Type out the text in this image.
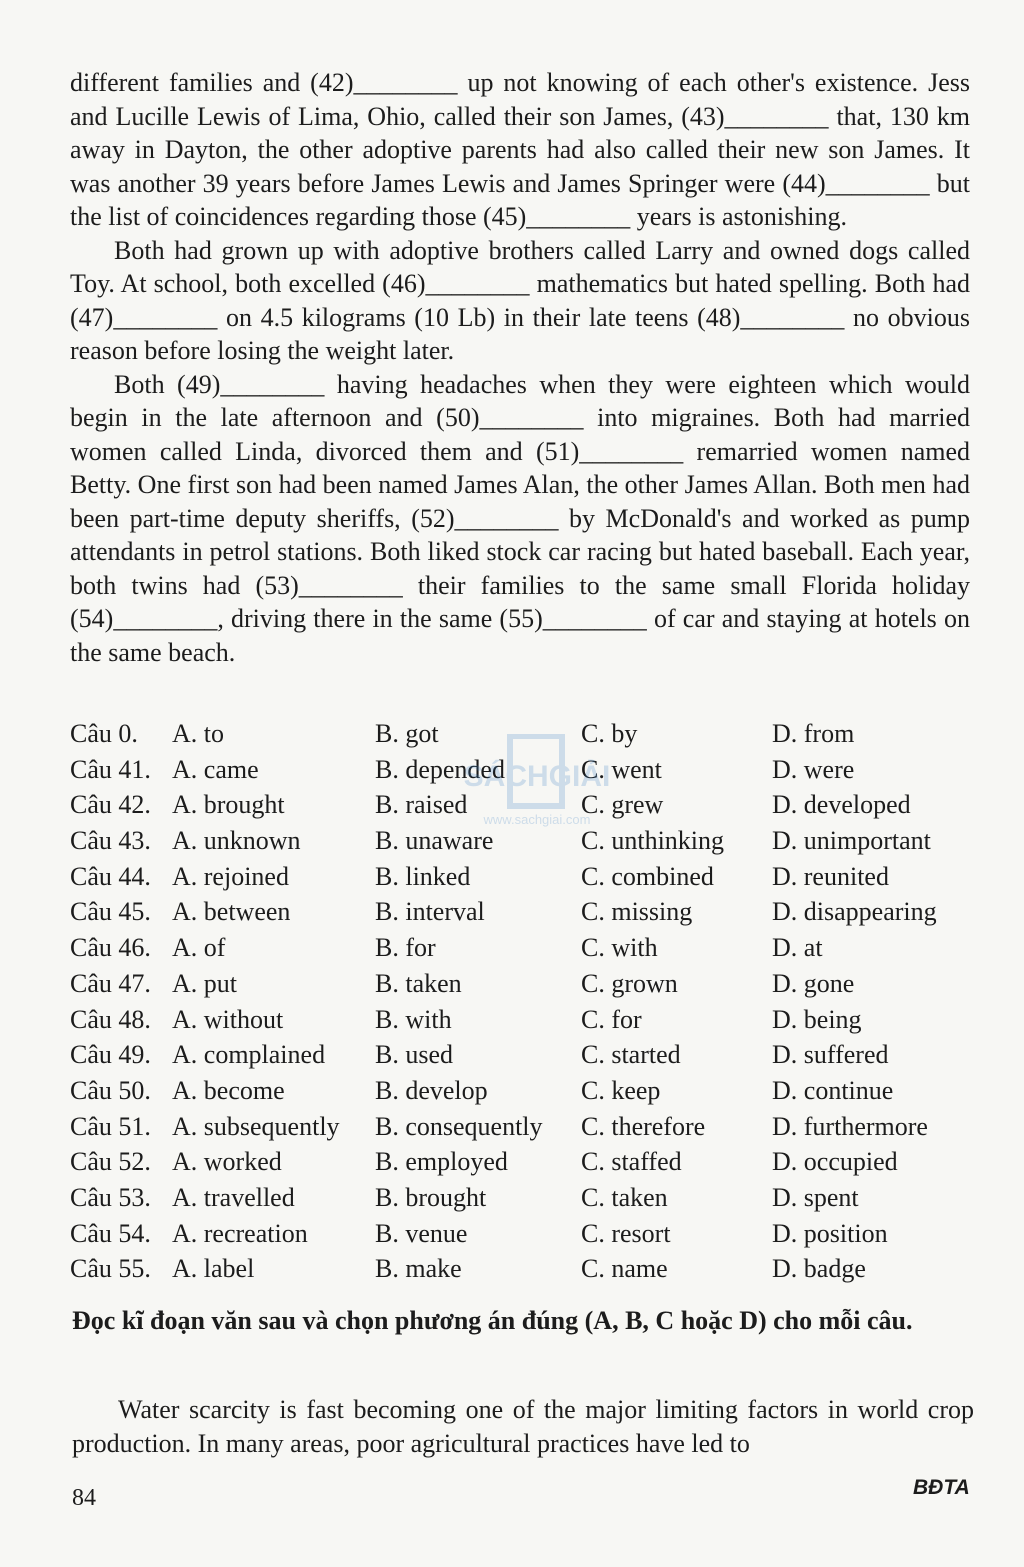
different families and (42)________ up not knowing of each other's existence. Jess and Lucille Lewis of Lima, Ohio, called their son James, (43)________ that, 130 km away in Dayton, the other adoptive parents had also called their new son James. It was another 39 years before James Lewis and James Springer were (44)________ but the list of coincidences regarding those (45)________ years is astonishing.

Both had grown up with adoptive brothers called Larry and owned dogs called Toy. At school, both excelled (46)________ mathematics but hated spelling. Both had (47)________ on 4.5 kilograms (10 Lb) in their late teens (48)________ no obvious reason before losing the weight later.

Both (49)________ having headaches when they were eighteen which would begin in the late afternoon and (50)________ into migraines. Both had married women called Linda, divorced them and (51)________ remarried women named Betty. One first son had been named James Alan, the other James Allan. Both men had been part-time deputy sheriffs, (52)________ by McDonald's and worked as pump attendants in petrol stations. Both liked stock car racing but hated baseball. Each year, both twins had (53)________ their families to the same small Florida holiday (54)________, driving there in the same (55)________ of car and staying at hotels on the same beach.

Câu 0. A. to	B. got	C. by	D. from
Câu 41. A. came	B. depended	C. went	D. were
Câu 42. A. brought	B. raised	C. grew	D. developed
Câu 43. A. unknown	B. unaware	C. unthinking D. unimportant
Câu 44. A. rejoined	B. linked	C. combined D. reunited
Câu 45. A. between	B. interval	C. missing	D. disappearing
Câu 46. A. of	B. for	C. with	D. at
Câu 47. A. put	B. taken	C. grown	D. gone
Câu 48. A. without	B. with	C. for	D. being
Câu 49. A. complained B. used	C. started	D. suffered
Câu 50. A. become	B. develop	C. keep	D. continue
Câu 51. A. subsequently B. consequently C. therefore	D. furthermore
Câu 52. A. worked	B. employed	C. staffed	D. occupied
Câu 53. A. travelled	B. brought	C. taken	D. spent
Câu 54. A. recreation	B. venue	C. resort	D. position
Câu 55. A. label	B. make	C. name	D. badge
SÁCHGIẢI
www.sachgiai.com
Đọc kĩ đoạn văn sau và chọn phương án đúng (A, B, C hoặc D) cho mỗi câu.

Water scarcity is fast becoming one of the major limiting factors in world crop production. In many areas, poor agricultural practices have led to

84	BĐTA
